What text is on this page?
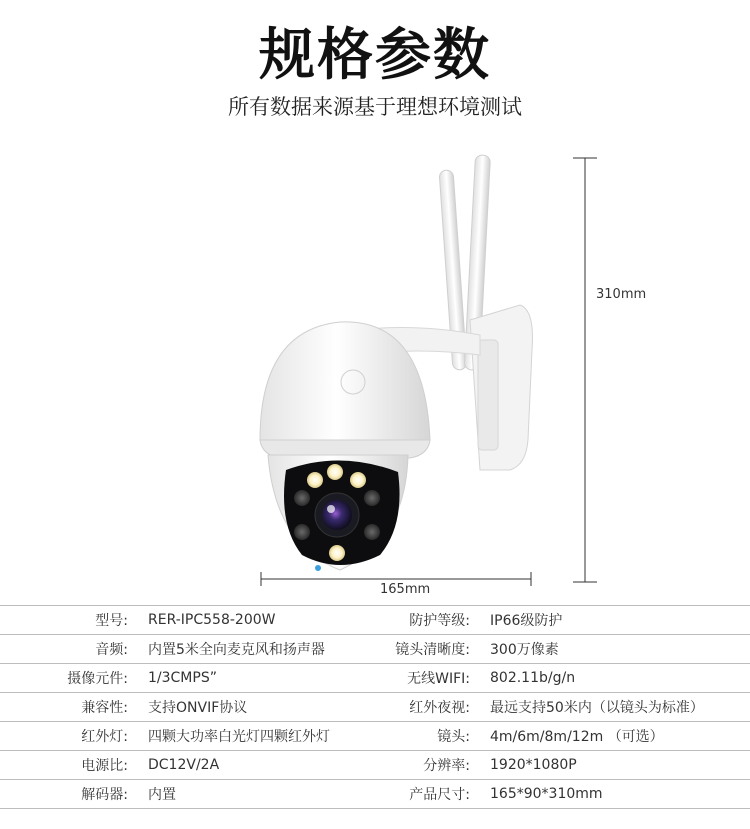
规格参数
所有数据来源基于理想环境测试
310mm
165mm
型号:	RER-IPC558-200W	防护等级:	IP66级防护
音频:	内置5米全向麦克风和扬声器	镜头清晰度:	300万像素
摄像元件:	1/3CMPS”	无线WIFI:	802.11b/g/n
兼容性:	支持ONVIF协议	红外夜视:	最远支持50米内（以镜头为标准）
红外灯:	四颗大功率白光灯四颗红外灯	镜头:	4m/6m/8m/12m （可选）
电源比:	DC12V/2A	分辨率:	1920*1080P
解码器:	内置	产品尺寸:	165*90*310mm
